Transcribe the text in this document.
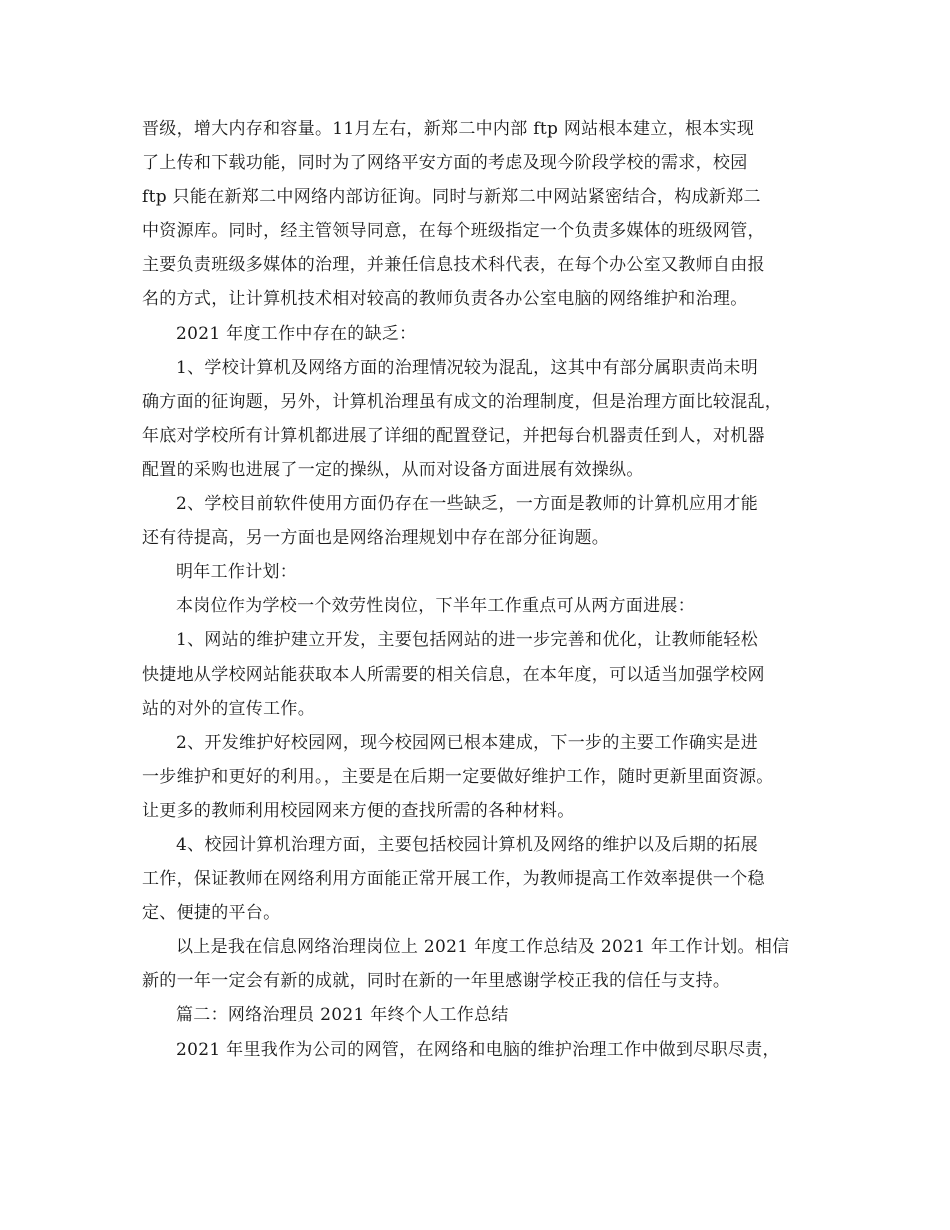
晋级，增大内存和容量。11月左右，新郑二中内部 ftp 网站根本建立，根本实现
了上传和下载功能，同时为了网络平安方面的考虑及现今阶段学校的需求，校园
ftp 只能在新郑二中网络内部访征询。同时与新郑二中网站紧密结合，构成新郑二
中资源库。同时，经主管领导同意，在每个班级指定一个负责多媒体的班级网管，
主要负责班级多媒体的治理，并兼任信息技术科代表，在每个办公室又教师自由报
名的方式，让计算机技术相对较高的教师负责各办公室电脑的网络维护和治理。
2021 年度工作中存在的缺乏：
1、学校计算机及网络方面的治理情况较为混乱，这其中有部分属职责尚未明
确方面的征询题，另外，计算机治理虽有成文的治理制度，但是治理方面比较混乱，
年底对学校所有计算机都进展了详细的配置登记，并把每台机器责任到人，对机器
配置的采购也进展了一定的操纵，从而对设备方面进展有效操纵。
2、学校目前软件使用方面仍存在一些缺乏，一方面是教师的计算机应用才能
还有待提高，另一方面也是网络治理规划中存在部分征询题。
明年工作计划：
本岗位作为学校一个效劳性岗位，下半年工作重点可从两方面进展：
1、网站的维护建立开发，主要包括网站的进一步完善和优化，让教师能轻松
快捷地从学校网站能获取本人所需要的相关信息，在本年度，可以适当加强学校网
站的对外的宣传工作。
2、开发维护好校园网，现今校园网已根本建成，下一步的主要工作确实是进
一步维护和更好的利用。，主要是在后期一定要做好维护工作，随时更新里面资源。
让更多的教师利用校园网来方便的查找所需的各种材料。
4、校园计算机治理方面，主要包括校园计算机及网络的维护以及后期的拓展
工作，保证教师在网络利用方面能正常开展工作，为教师提高工作效率提供一个稳
定、便捷的平台。
以上是我在信息网络治理岗位上 2021 年度工作总结及 2021 年工作计划。相信
新的一年一定会有新的成就，同时在新的一年里感谢学校正我的信任与支持。
篇二：网络治理员 2021 年终个人工作总结
2021 年里我作为公司的网管，在网络和电脑的维护治理工作中做到尽职尽责，
